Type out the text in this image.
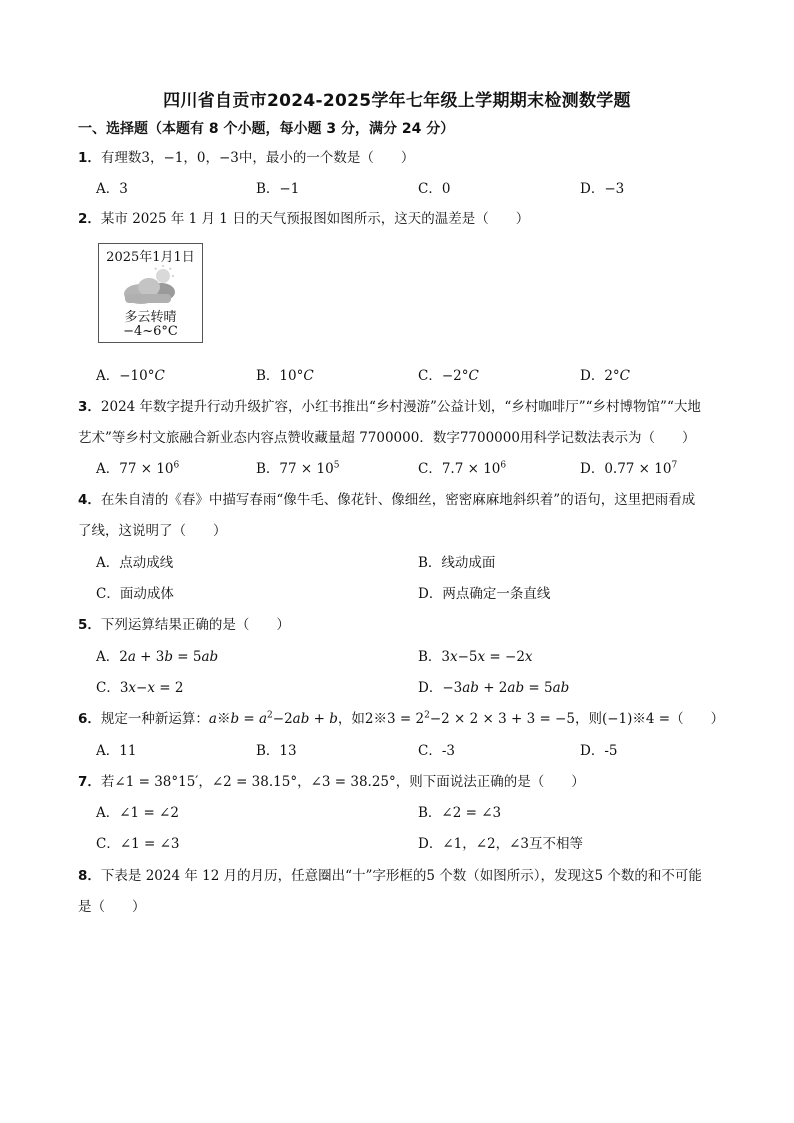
四川省自贡市2024-2025学年七年级上学期期末检测数学题
一、选择题（本题有 8 个小题，每小题 3 分，满分 24 分）
1．有理数3，−1，0，−3中，最小的一个数是（　　）
A．3	B．−1	C．0	D．−3
2．某市 2025 年 1 月 1 日的天气预报图如图所示，这天的温差是（　　）
2025年1月1日
多云转晴
−4~6°C
A．−10°𝐶	B．10°𝐶	C．−2°𝐶	D．2°𝐶
3．2024 年数字提升行动升级扩容，小红书推出“乡村漫游”公益计划，“乡村咖啡厅”“乡村博物馆”“大地
艺术”等乡村文旅融合新业态内容点赞收藏量超 7700000．数字7700000用科学记数法表示为（　　）
A．$77 \times 10^6$	B．$77 \times 10^5$	C．$7.7 \times 10^6$	D．$0.77 \times 10^7$
4．在朱自清的《春》中描写春雨“像牛毛、像花针、像细丝，密密麻麻地斜织着”的语句，这里把雨看成
了线，这说明了（　　）
A．点动成线	B．线动成面
C．面动成体	D．两点确定一条直线
5．下列运算结果正确的是（　　）
A．2𝑎 + 3𝑏 = 5𝑎𝑏	B．3𝑥−5𝑥 = −2𝑥
C．3𝑥−𝑥 = 2	D．−3𝑎𝑏 + 2𝑎𝑏 = 5𝑎𝑏
6．规定一种新运算：𝑎※𝑏 = 𝑎$^2$−2𝑎𝑏 + 𝑏，如2※3 = $2^2-2 \times 2 \times 3 + 3 = -5$，则(−1)※4 =（　　）
A．11	B．13	C．-3	D．-5
7．若∠1 = 38°15′，∠2 = 38.15°，∠3 = 38.25°，则下面说法正确的是（　　）
A．∠1 = ∠2	B．∠2 = ∠3
C．∠1 = ∠3	D．∠1，∠2，∠3互不相等
8．下表是 2024 年 12 月的月历，任意圈出“十”字形框的5 个数（如图所示），发现这5 个数的和不可能
是（　　）
